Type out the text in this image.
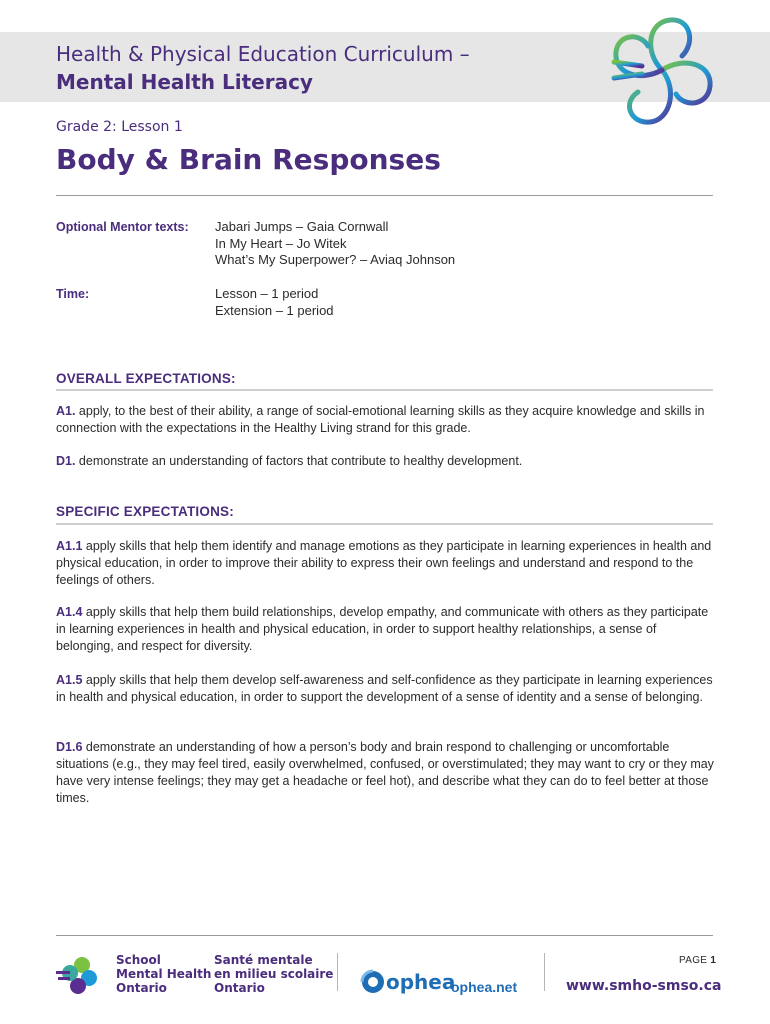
Health & Physical Education Curriculum –
Mental Health Literacy
Grade 2: Lesson 1
Body & Brain Responses
Optional Mentor texts: Jabari Jumps – Gaia Cornwall
In My Heart – Jo Witek
What’s My Superpower? – Aviaq Johnson
Time:	Lesson – 1 period
Extension – 1 period
OVERALL EXPECTATIONS:
A1. apply, to the best of their ability, a range of social-emotional learning skills as they acquire knowledge and skills in connection with the expectations in the Healthy Living strand for this grade.
D1. demonstrate an understanding of factors that contribute to healthy development.
SPECIFIC EXPECTATIONS:
A1.1 apply skills that help them identify and manage emotions as they participate in learning experiences in health and physical education, in order to improve their ability to express their own feelings and understand and respond to the feelings of others.
A1.4 apply skills that help them build relationships, develop empathy, and communicate with others as they participate in learning experiences in health and physical education, in order to support healthy relationships, a sense of belonging, and respect for diversity.
A1.5 apply skills that help them develop self-awareness and self-confidence as they participate in learning experiences in health and physical education, in order to support the development of a sense of identity and a sense of belonging.
D1.6 demonstrate an understanding of how a person’s body and brain respond to challenging or uncomfortable situations (e.g., they may feel tired, easily overwhelmed, confused, or overstimulated; they may want to cry or they may have very intense feelings; they may get a headache or feel hot), and describe what they can do to feel better at those times.
School
Mental Health
Ontario
Santé mentale
en milieu scolaire
Ontario	ophea
ophea.net
PAGE 1
www.smho-smso.ca
